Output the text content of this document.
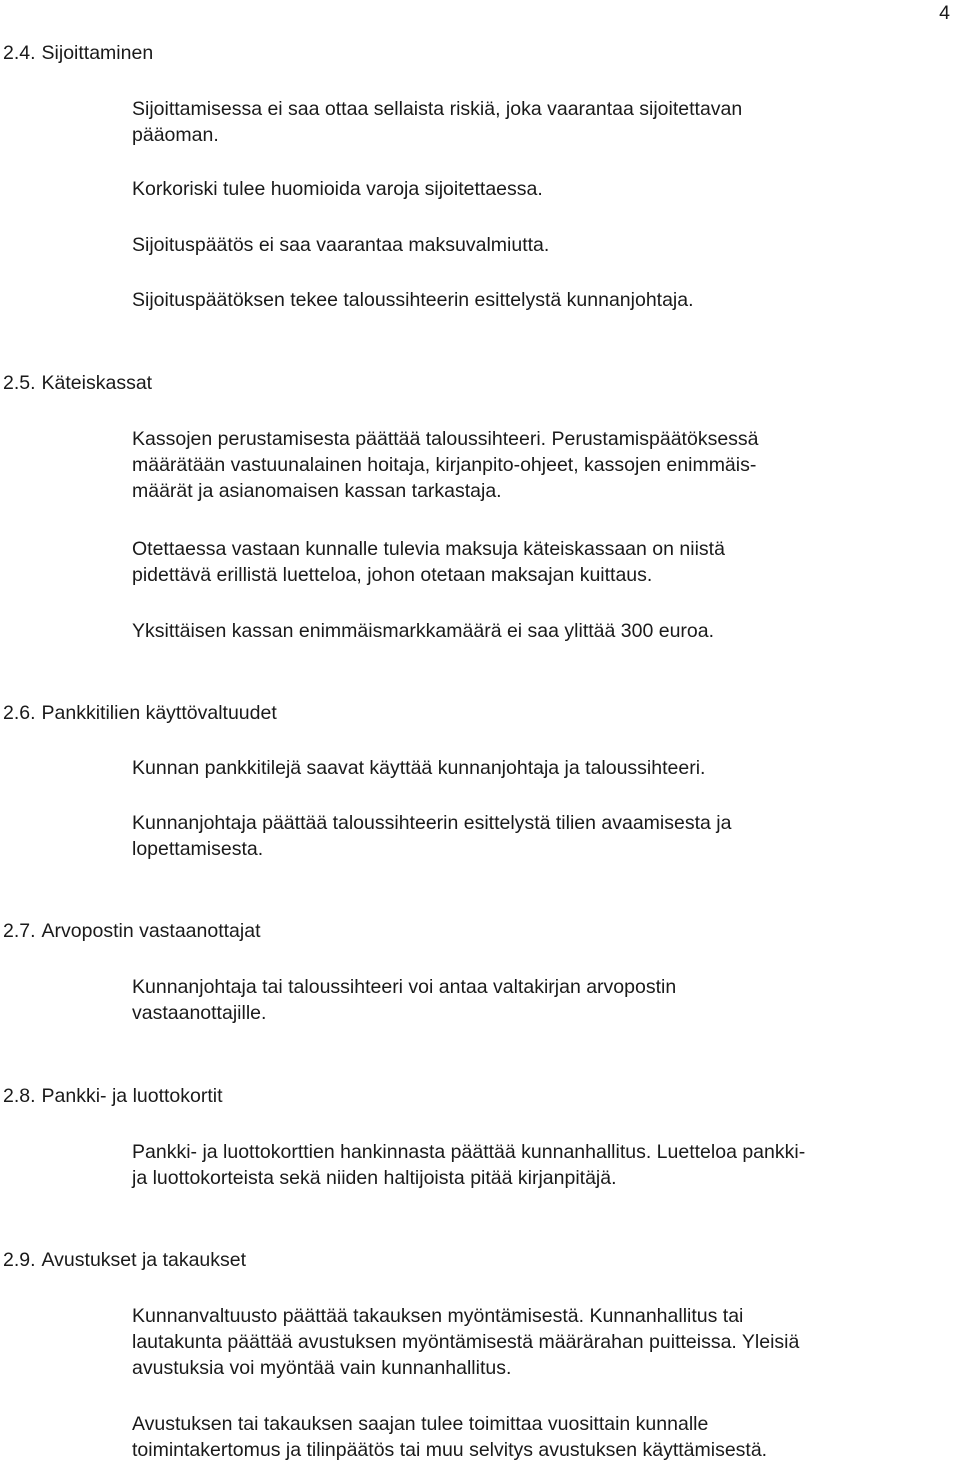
4
2.4. Sijoittaminen
Sijoittamisessa ei saa ottaa sellaista riskiä, joka vaarantaa sijoitettavan
pääoman.
Korkoriski tulee huomioida varoja sijoitettaessa.
Sijoituspäätös ei saa vaarantaa maksuvalmiutta.
Sijoituspäätöksen tekee taloussihteerin esittelystä kunnanjohtaja.
2.5. Käteiskassat
Kassojen perustamisesta päättää taloussihteeri. Perustamispäätöksessä
määrätään vastuunalainen hoitaja, kirjanpito-ohjeet, kassojen enimmäis-
määrät ja asianomaisen kassan tarkastaja.
Otettaessa vastaan kunnalle tulevia maksuja käteiskassaan on niistä
pidettävä erillistä luetteloa, johon otetaan maksajan kuittaus.
Yksittäisen kassan enimmäismarkkamäärä ei saa ylittää 300 euroa.
2.6. Pankkitilien käyttövaltuudet
Kunnan pankkitilejä saavat käyttää kunnanjohtaja ja taloussihteeri.
Kunnanjohtaja päättää taloussihteerin esittelystä tilien avaamisesta ja
lopettamisesta.
2.7. Arvopostin vastaanottajat
Kunnanjohtaja tai taloussihteeri voi antaa valtakirjan arvopostin
vastaanottajille.
2.8. Pankki- ja luottokortit
Pankki- ja luottokorttien hankinnasta päättää kunnanhallitus. Luetteloa pankki-
ja luottokorteista sekä niiden haltijoista pitää kirjanpitäjä.
2.9. Avustukset ja takaukset
Kunnanvaltuusto päättää takauksen myöntämisestä. Kunnanhallitus tai
lautakunta päättää avustuksen myöntämisestä määrärahan puitteissa. Yleisiä
avustuksia voi myöntää vain kunnanhallitus.
Avustuksen tai takauksen saajan tulee toimittaa vuosittain kunnalle
toimintakertomus ja tilinpäätös tai muu selvitys avustuksen käyttämisestä.
